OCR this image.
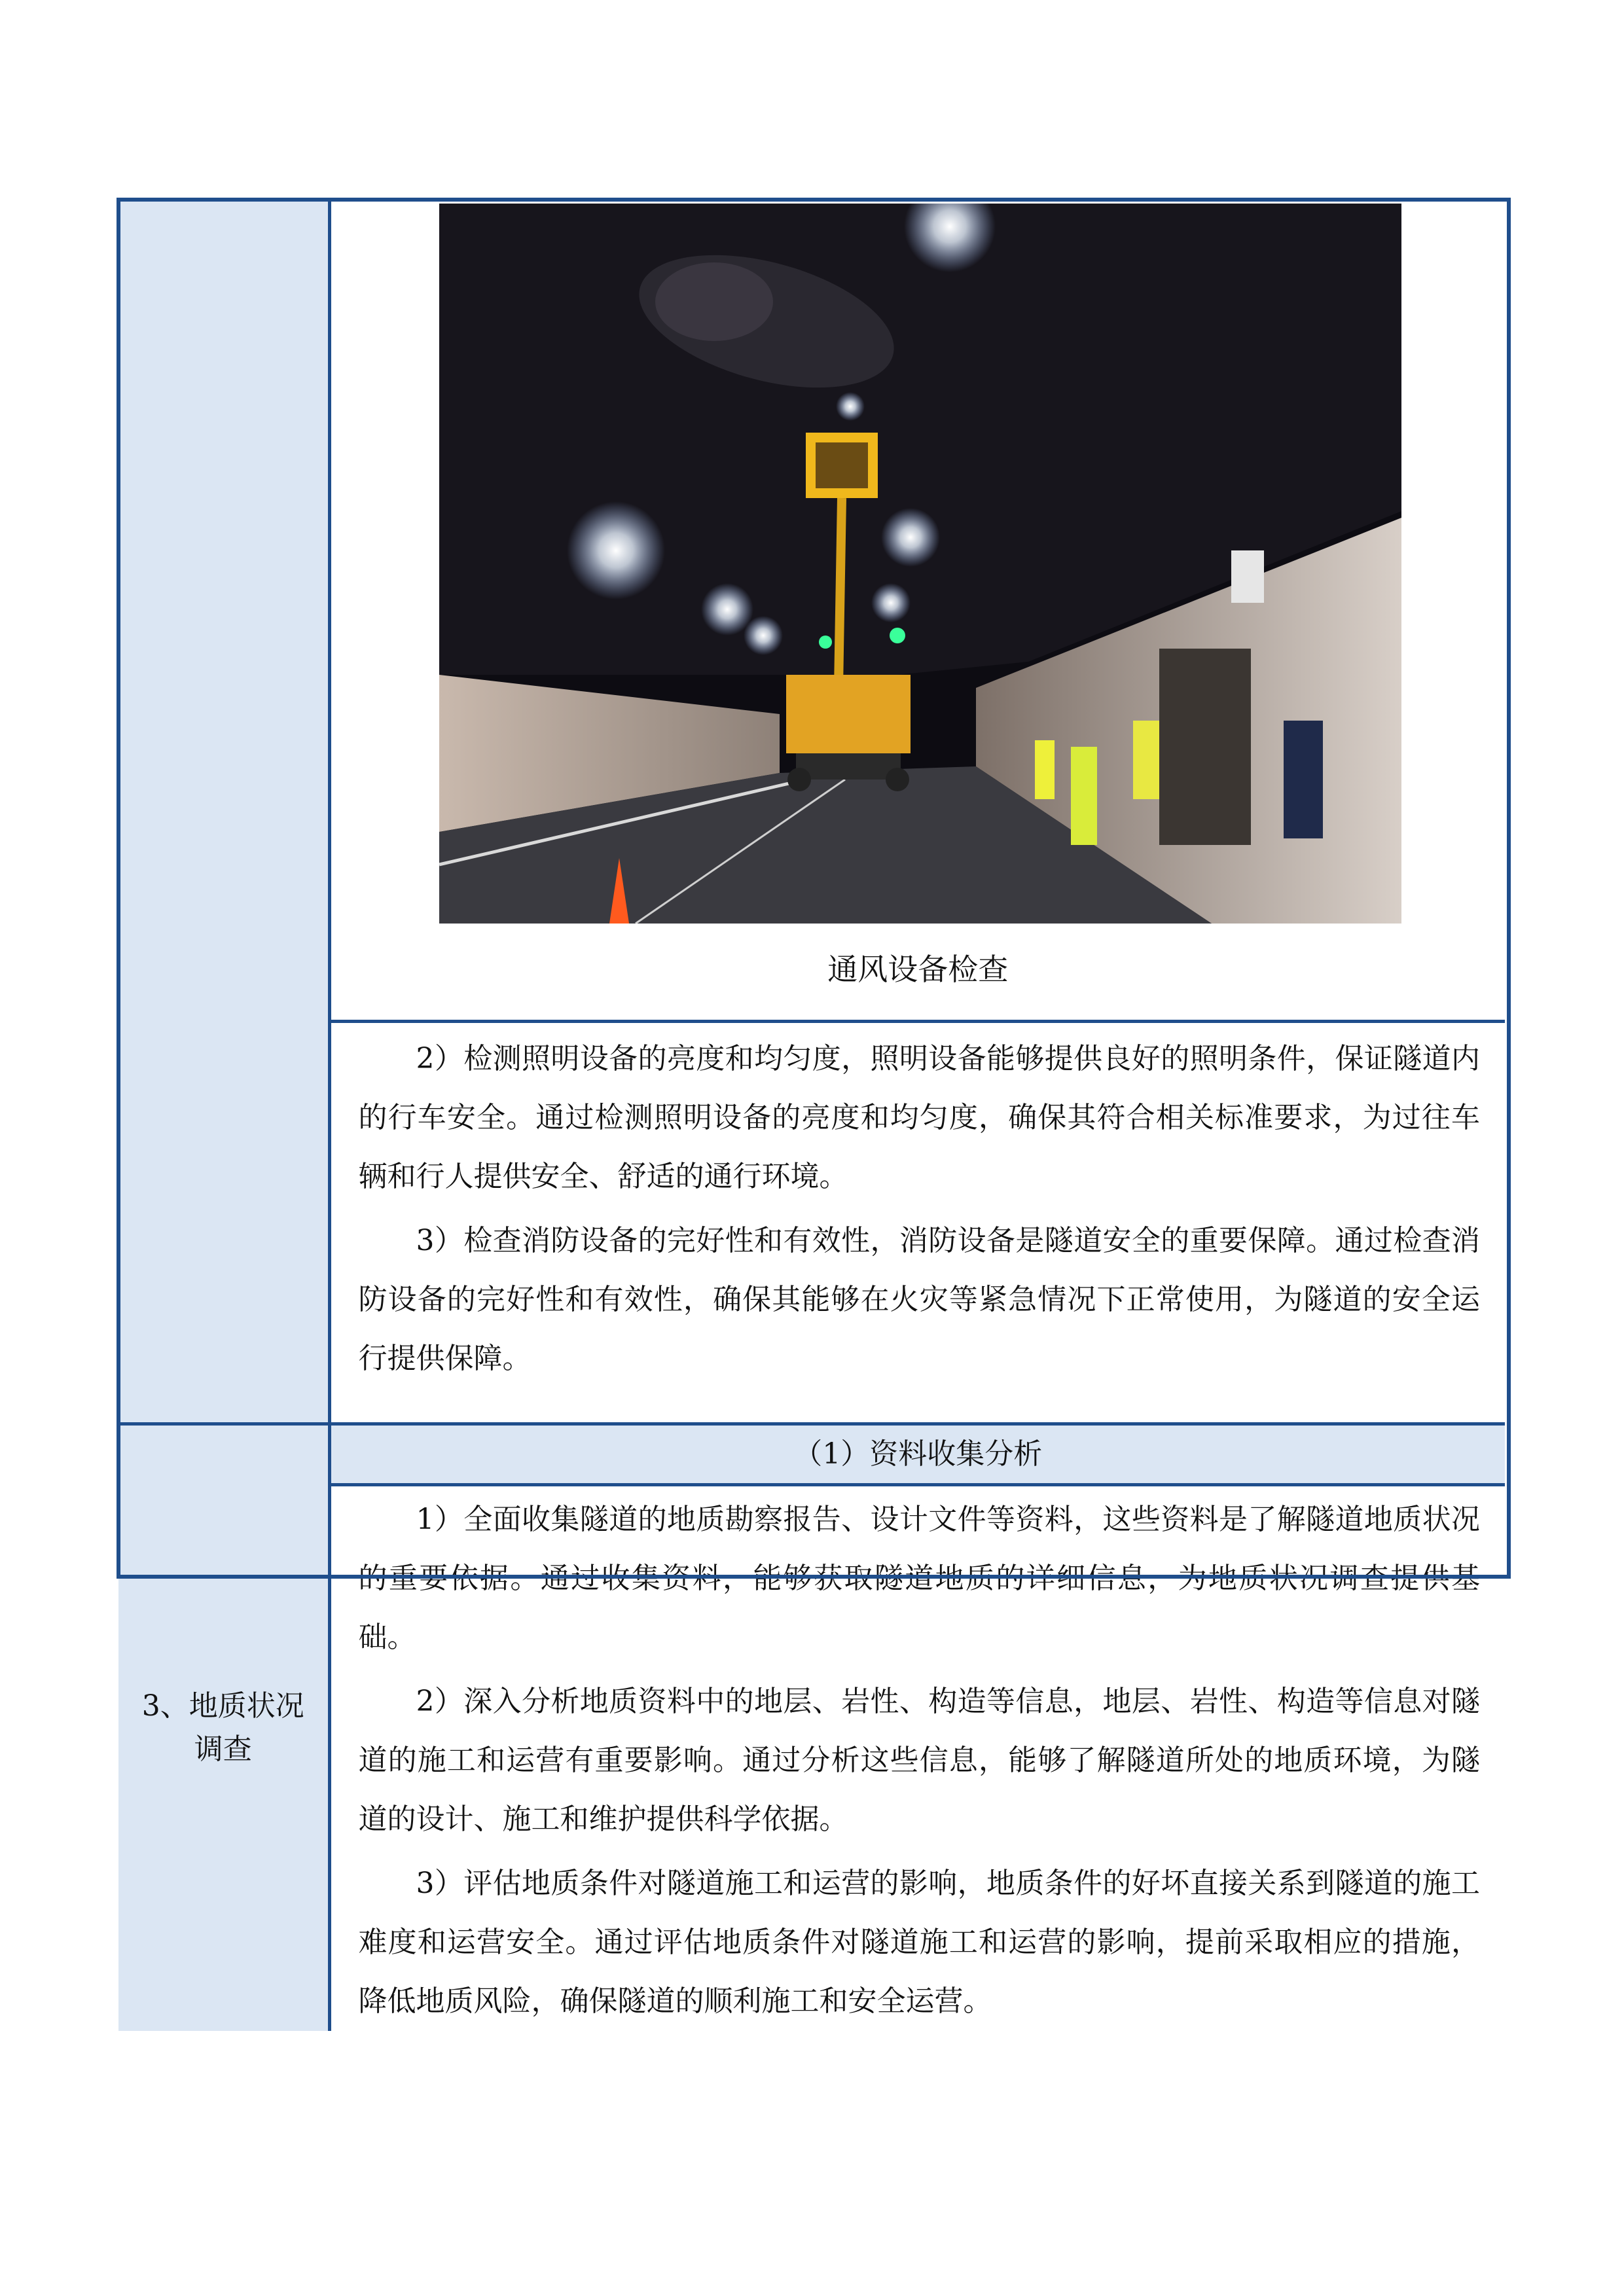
	通风设备检查

	2）检测照明设备的亮度和均匀度，照明设备能够提供良好的照明条件，保证隧道内的行车安全。通过检测照明设备的亮度和均匀度，确保其符合相关标准要求，为过往车辆和行人提供安全、舒适的通行环境。

3）检查消防设备的完好性和有效性，消防设备是隧道安全的重要保障。通过检查消防设备的完好性和有效性，确保其能够在火灾等紧急情况下正常使用，为隧道的安全运行提供保障。

3、地质状况调查	（1）资料收集分析

1）全面收集隧道的地质勘察报告、设计文件等资料，这些资料是了解隧道地质状况的重要依据。通过收集资料，能够获取隧道地质的详细信息，为地质状况调查提供基础。

2）深入分析地质资料中的地层、岩性、构造等信息，地层、岩性、构造等信息对隧道的施工和运营有重要影响。通过分析这些信息，能够了解隧道所处的地质环境，为隧道的设计、施工和维护提供科学依据。

3）评估地质条件对隧道施工和运营的影响，地质条件的好坏直接关系到隧道的施工难度和运营安全。通过评估地质条件对隧道施工和运营的影响，提前采取相应的措施，降低地质风险，确保隧道的顺利施工和安全运营。
